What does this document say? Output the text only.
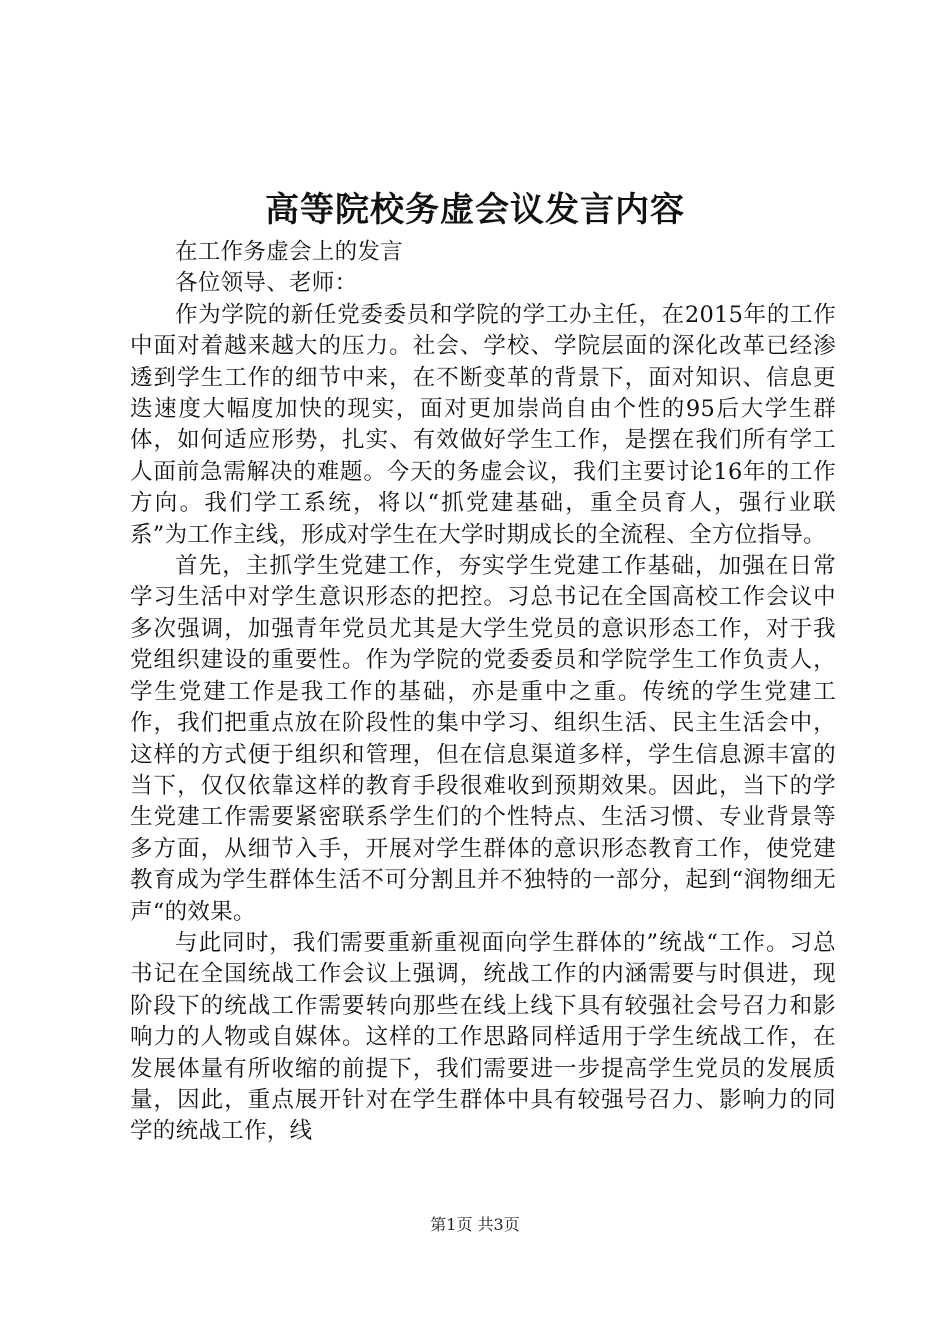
高等院校务虚会议发言内容

在工作务虚会上的发言

各位领导、老师：

作为学院的新任党委委员和学院的学工办主任，在2015年的工作中面对着越来越大的压力。社会、学校、学院层面的深化改革已经渗透到学生工作的细节中来，在不断变革的背景下，面对知识、信息更迭速度大幅度加快的现实，面对更加崇尚自由个性的95后大学生群体，如何适应形势，扎实、有效做好学生工作，是摆在我们所有学工人面前急需解决的难题。今天的务虚会议，我们主要讨论16年的工作方向。我们学工系统，将以“抓党建基础，重全员育人，强行业联系”为工作主线，形成对学生在大学时期成长的全流程、全方位指导。

首先，主抓学生党建工作，夯实学生党建工作基础，加强在日常学习生活中对学生意识形态的把控。习总书记在全国高校工作会议中多次强调，加强青年党员尤其是大学生党员的意识形态工作，对于我党组织建设的重要性。作为学院的党委委员和学院学生工作负责人，学生党建工作是我工作的基础，亦是重中之重。传统的学生党建工作，我们把重点放在阶段性的集中学习、组织生活、民主生活会中，这样的方式便于组织和管理，但在信息渠道多样，学生信息源丰富的当下，仅仅依靠这样的教育手段很难收到预期效果。因此，当下的学生党建工作需要紧密联系学生们的个性特点、生活习惯、专业背景等多方面，从细节入手，开展对学生群体的意识形态教育工作，使党建教育成为学生群体生活不可分割且并不独特的一部分，起到“润物细无声“的效果。

与此同时，我们需要重新重视面向学生群体的”统战“工作。习总书记在全国统战工作会议上强调，统战工作的内涵需要与时俱进，现阶段下的统战工作需要转向那些在线上线下具有较强社会号召力和影响力的人物或自媒体。这样的工作思路同样适用于学生统战工作，在发展体量有所收缩的前提下，我们需要进一步提高学生党员的发展质量，因此，重点展开针对在学生群体中具有较强号召力、影响力的同学的统战工作，线

第1页 共3页
